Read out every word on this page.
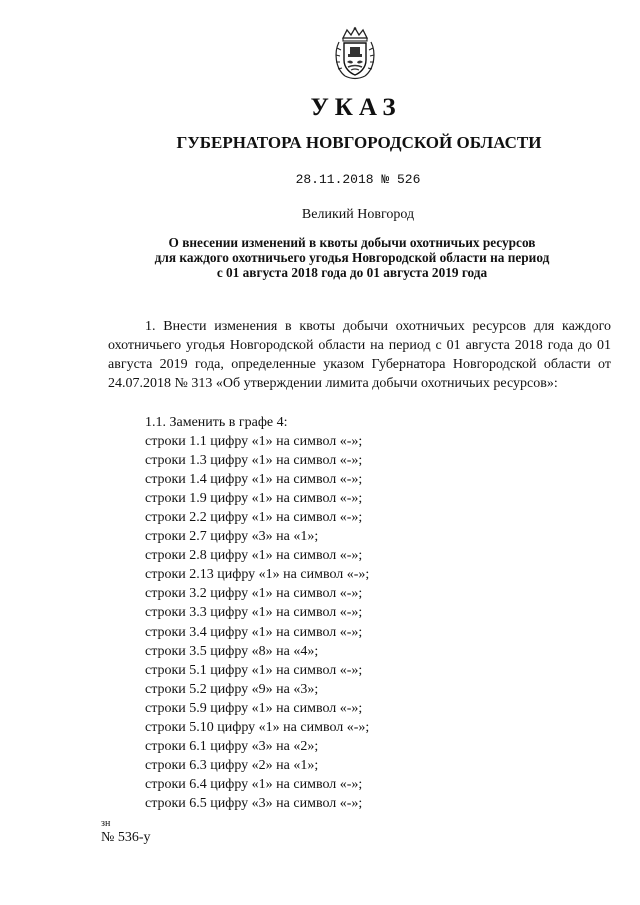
УКАЗ
ГУБЕРНАТОРА НОВГОРОДСКОЙ ОБЛАСТИ
28.11.2018 № 526
Великий Новгород
О внесении изменений в квоты добычи охотничьих ресурсов
для каждого охотничьего угодья Новгородской области на период
с 01 августа 2018 года до 01 августа 2019 года

1. Внести изменения в квоты добычи охотничьих ресурсов для каждого охотничьего угодья Новгородской области на период с 01 августа 2018 года до 01 августа 2019 года, определенные указом Губернатора Новгородской области от 24.07.2018 № 313 «Об утверждении лимита добычи охотничьих ресурсов»:

1.1. Заменить в графе 4:
строки 1.1 цифру «1» на символ «-»;
строки 1.3 цифру «1» на символ «-»;
строки 1.4 цифру «1» на символ «-»;
строки 1.9 цифру «1» на символ «-»;
строки 2.2 цифру «1» на символ «-»;
строки 2.7 цифру «3» на «1»;
строки 2.8 цифру «1» на символ «-»;
строки 2.13 цифру «1» на символ «-»;
строки 3.2 цифру «1» на символ «-»;
строки 3.3 цифру «1» на символ «-»;
строки 3.4 цифру «1» на символ «-»;
строки 3.5 цифру «8» на «4»;
строки 5.1 цифру «1» на символ «-»;
строки 5.2 цифру «9» на «3»;
строки 5.9 цифру «1» на символ «-»;
строки 5.10 цифру «1» на символ «-»;
строки 6.1 цифру «3» на «2»;
строки 6.3 цифру «2» на «1»;
строки 6.4 цифру «1» на символ «-»;
строки 6.5 цифру «3» на символ «-»;
зн
№ 536-у
